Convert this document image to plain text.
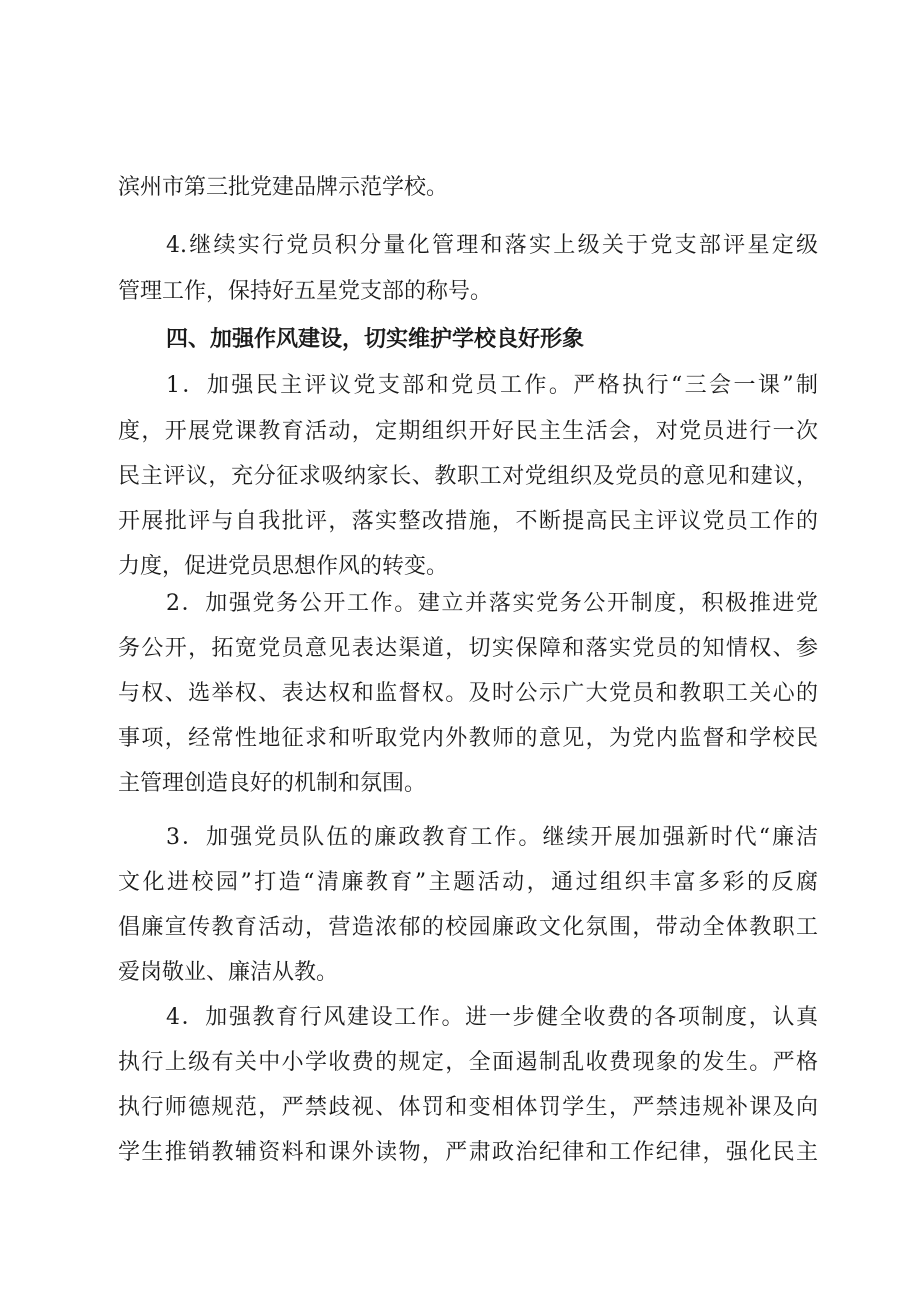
滨州市第三批党建品牌示范学校。
4.继续实行党员积分量化管理和落实上级关于党支部评星定级
管理工作，保持好五星党支部的称号。
四、加强作风建设，切实维护学校良好形象
1．加强民主评议党支部和党员工作。严格执行“三会一课”制
度，开展党课教育活动，定期组织开好民主生活会，对党员进行一次
民主评议，充分征求吸纳家长、教职工对党组织及党员的意见和建议，
开展批评与自我批评，落实整改措施，不断提高民主评议党员工作的
力度，促进党员思想作风的转变。
2．加强党务公开工作。建立并落实党务公开制度，积极推进党
务公开，拓宽党员意见表达渠道，切实保障和落实党员的知情权、参
与权、选举权、表达权和监督权。及时公示广大党员和教职工关心的
事项，经常性地征求和听取党内外教师的意见，为党内监督和学校民
主管理创造良好的机制和氛围。
3．加强党员队伍的廉政教育工作。继续开展加强新时代“廉洁
文化进校园”打造“清廉教育”主题活动，通过组织丰富多彩的反腐
倡廉宣传教育活动，营造浓郁的校园廉政文化氛围，带动全体教职工
爱岗敬业、廉洁从教。
4．加强教育行风建设工作。进一步健全收费的各项制度，认真
执行上级有关中小学收费的规定，全面遏制乱收费现象的发生。严格
执行师德规范，严禁歧视、体罚和变相体罚学生，严禁违规补课及向
学生推销教辅资料和课外读物，严肃政治纪律和工作纪律，强化民主
